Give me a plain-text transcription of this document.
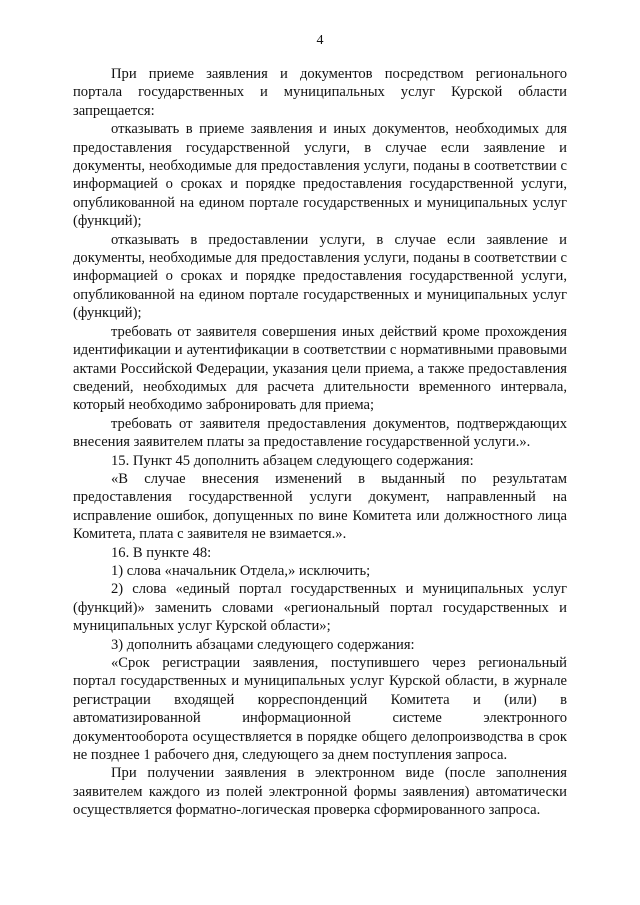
4

При приеме заявления и документов посредством регионального портала государственных и муниципальных услуг Курской области запрещается:

отказывать в приеме заявления и иных документов, необходимых для предоставления государственной услуги, в случае если заявление и документы, необходимые для предоставления услуги, поданы в соответствии с информацией о сроках и порядке предоставления государственной услуги, опубликованной на едином портале государственных и муниципальных услуг (функций);

отказывать в предоставлении услуги, в случае если заявление и документы, необходимые для предоставления услуги, поданы в соответствии с информацией о сроках и порядке предоставления государственной услуги, опубликованной на едином портале государственных и муниципальных услуг (функций);

требовать от заявителя совершения иных действий кроме прохождения идентификации и аутентификации в соответствии с нормативными правовыми актами Российской Федерации, указания цели приема, а также предоставления сведений, необходимых для расчета длительности временного интервала, который необходимо забронировать для приема;

требовать от заявителя предоставления документов, подтверждающих внесения заявителем платы за предоставление государственной услуги.».

15. Пункт 45 дополнить абзацем следующего содержания:

«В случае внесения изменений в выданный по результатам предоставления государственной услуги документ, направленный на исправление ошибок, допущенных по вине Комитета или должностного лица Комитета, плата с заявителя не взимается.».

16. В пункте 48:

1) слова «начальник Отдела,» исключить;

2) слова «единый портал государственных и муниципальных услуг (функций)» заменить словами «региональный портал государственных и муниципальных услуг Курской области»;

3) дополнить абзацами следующего содержания:

«Срок регистрации заявления, поступившего через региональный портал государственных и муниципальных услуг Курской области, в журнале регистрации входящей корреспонденций Комитета и (или) в автоматизированной информационной системе электронного документооборота осуществляется в порядке общего делопроизводства в срок не позднее 1 рабочего дня, следующего за днем поступления запроса.

При получении заявления в электронном виде (после заполнения заявителем каждого из полей электронной формы заявления) автоматически осуществляется форматно-логическая проверка сформированного запроса.
